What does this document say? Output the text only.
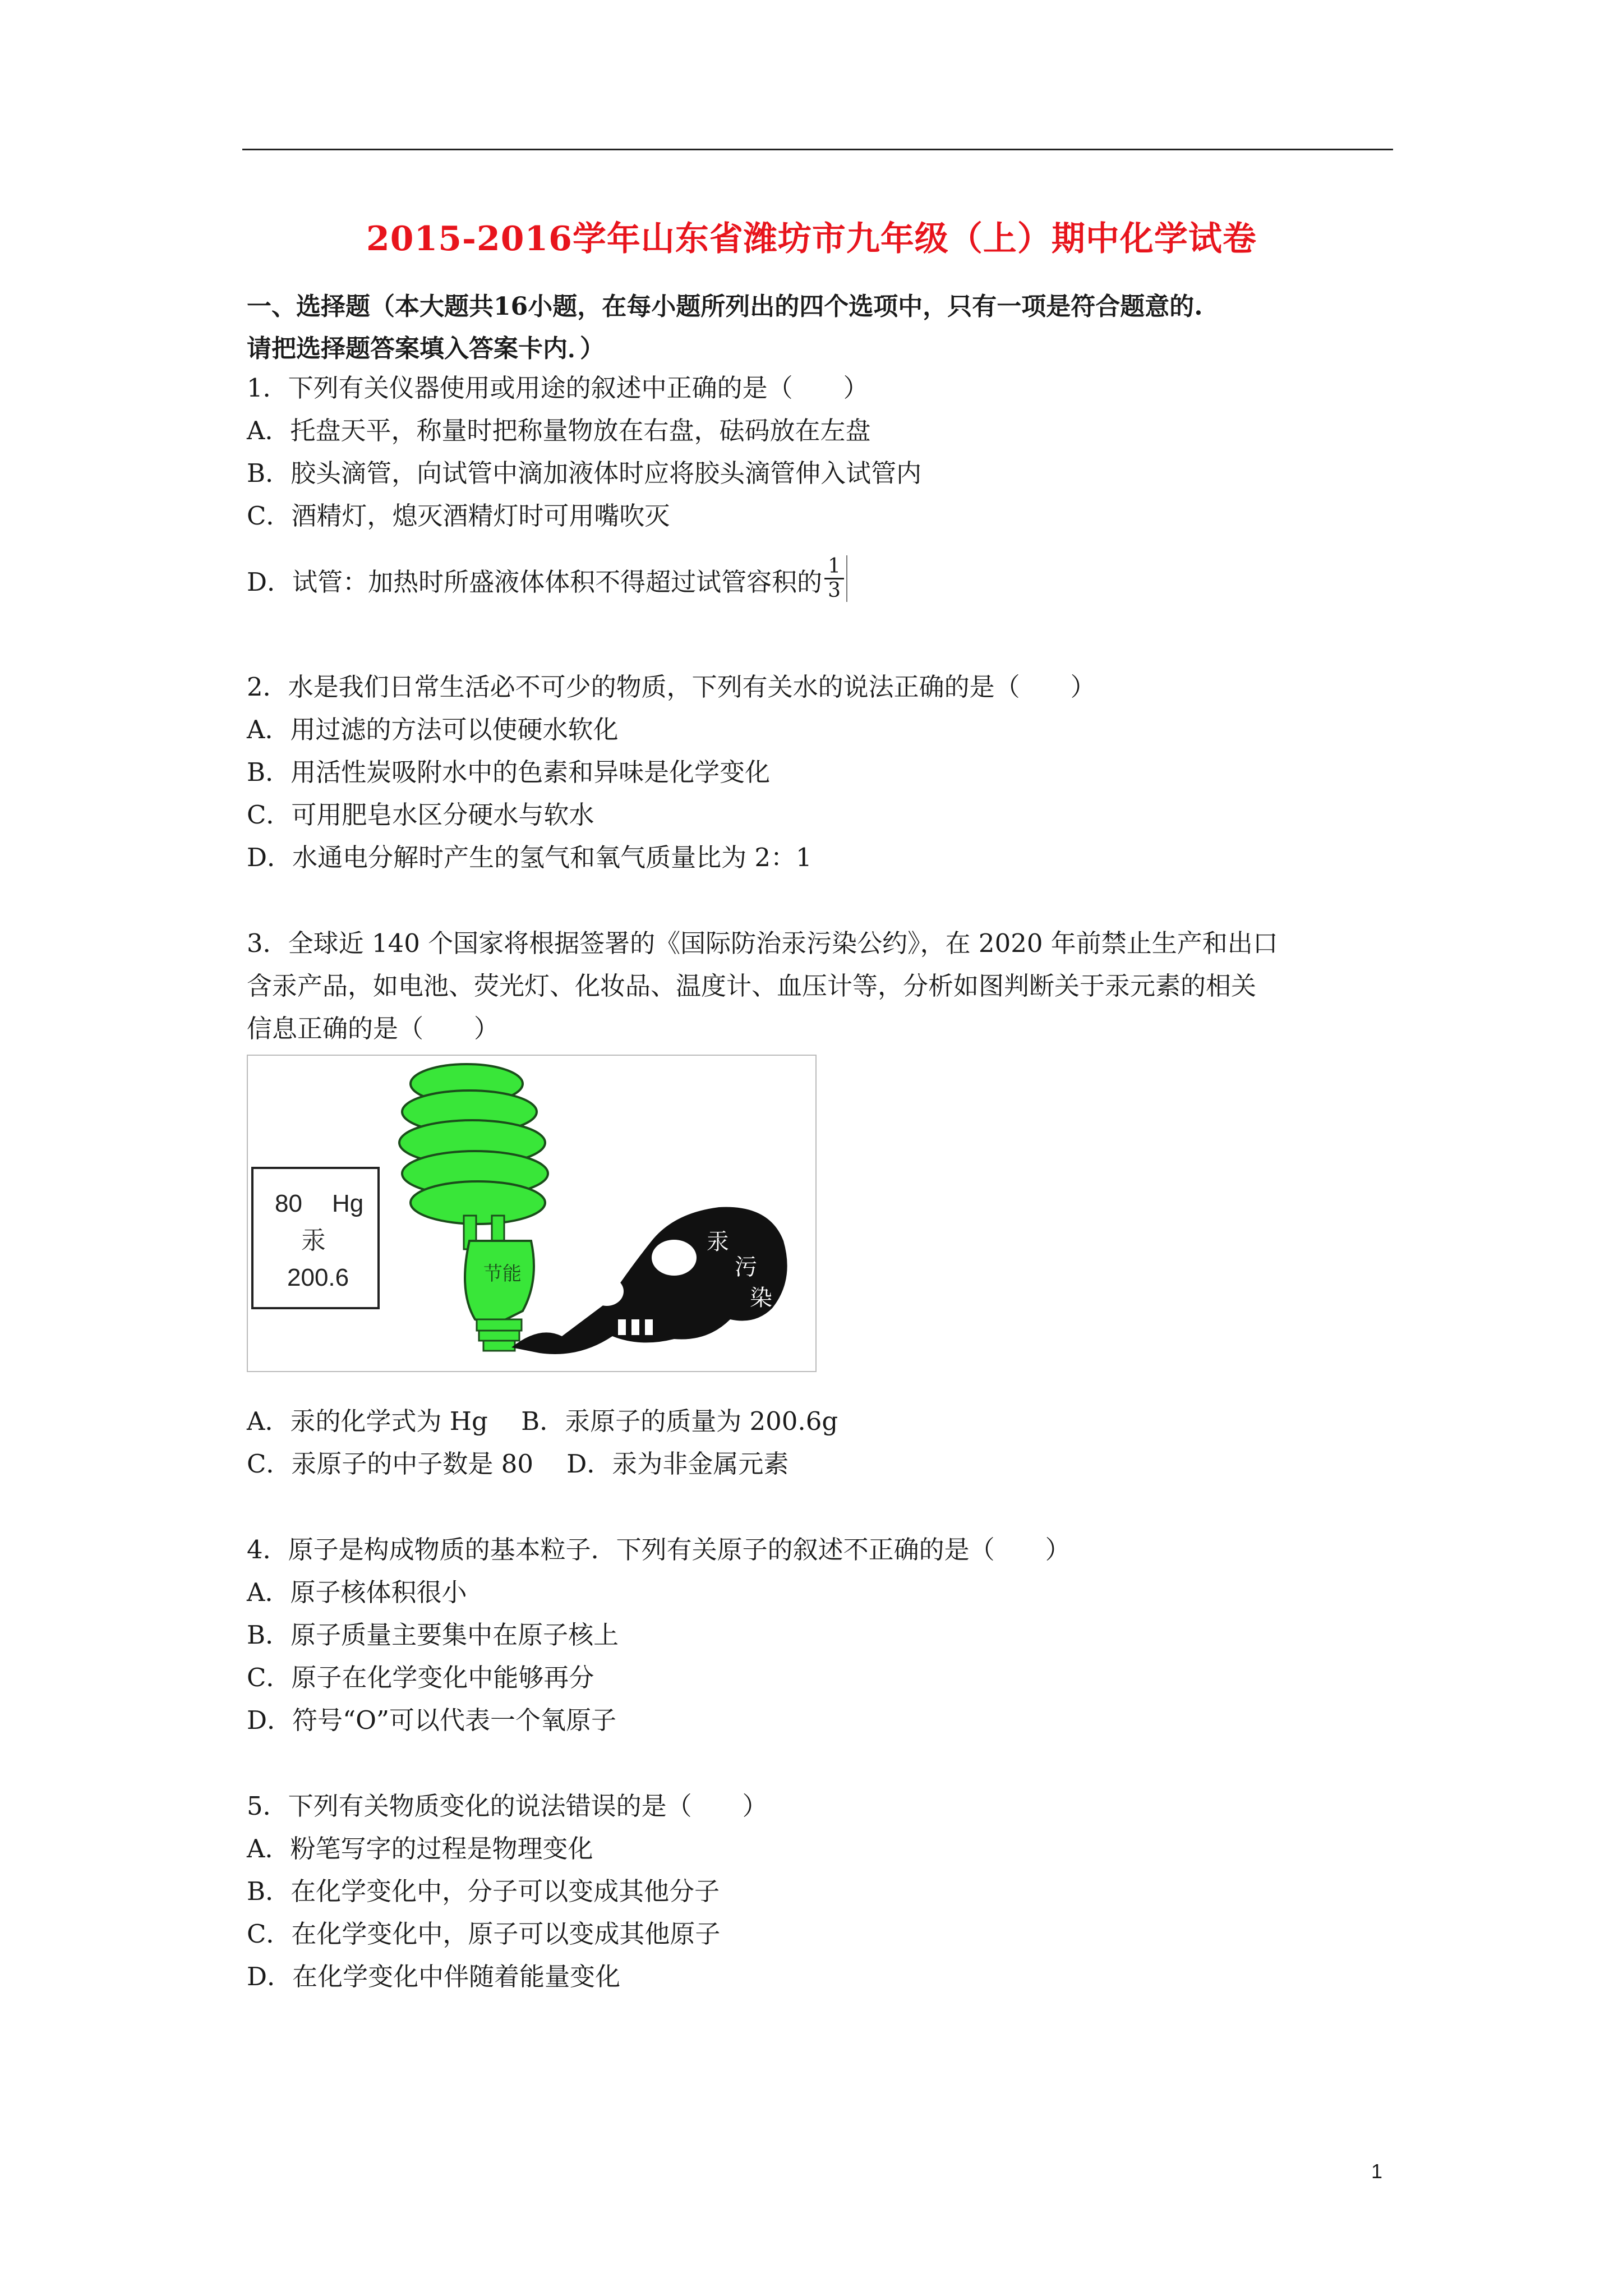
2015-2016学年山东省潍坊市九年级（上）期中化学试卷
一、选择题（本大题共16小题，在每小题所列出的四个选项中，只有一项是符合题意的.
请把选择题答案填入答案卡内．）
1．下列有关仪器使用或用途的叙述中正确的是（　　）
A．托盘天平，称量时把称量物放在右盘，砝码放在左盘
B．胶头滴管，向试管中滴加液体时应将胶头滴管伸入试管内
C．酒精灯，熄灭酒精灯时可用嘴吹灭
D．试管：加热时所盛液体体积不得超过试管容积的 $\frac{1}{3}$
2．水是我们日常生活必不可少的物质，下列有关水的说法正确的是（　　）
A．用过滤的方法可以使硬水软化
B．用活性炭吸附水中的色素和异味是化学变化
C．可用肥皂水区分硬水与软水
D．水通电分解时产生的氢气和氧气质量比为 2：1
3．全球近 140 个国家将根据签署的《国际防治汞污染公约》，在 2020 年前禁止生产和出口
含汞产品，如电池、荧光灯、化妆品、温度计、血压计等，分析如图判断关于汞元素的相关
信息正确的是（　　）
80 Hg
汞
200.6	节能
汞
污
染
A．汞的化学式为 Hg　 B．汞原子的质量为 200.6g
C．汞原子的中子数是 80　 D．汞为非金属元素
4．原子是构成物质的基本粒子．下列有关原子的叙述不正确的是（　　）
A．原子核体积很小
B．原子质量主要集中在原子核上
C．原子在化学变化中能够再分
D．符号“O”可以代表一个氧原子
5．下列有关物质变化的说法错误的是（　　）
A．粉笔写字的过程是物理变化
B．在化学变化中，分子可以变成其他分子
C．在化学变化中，原子可以变成其他原子
D．在化学变化中伴随着能量变化
1
